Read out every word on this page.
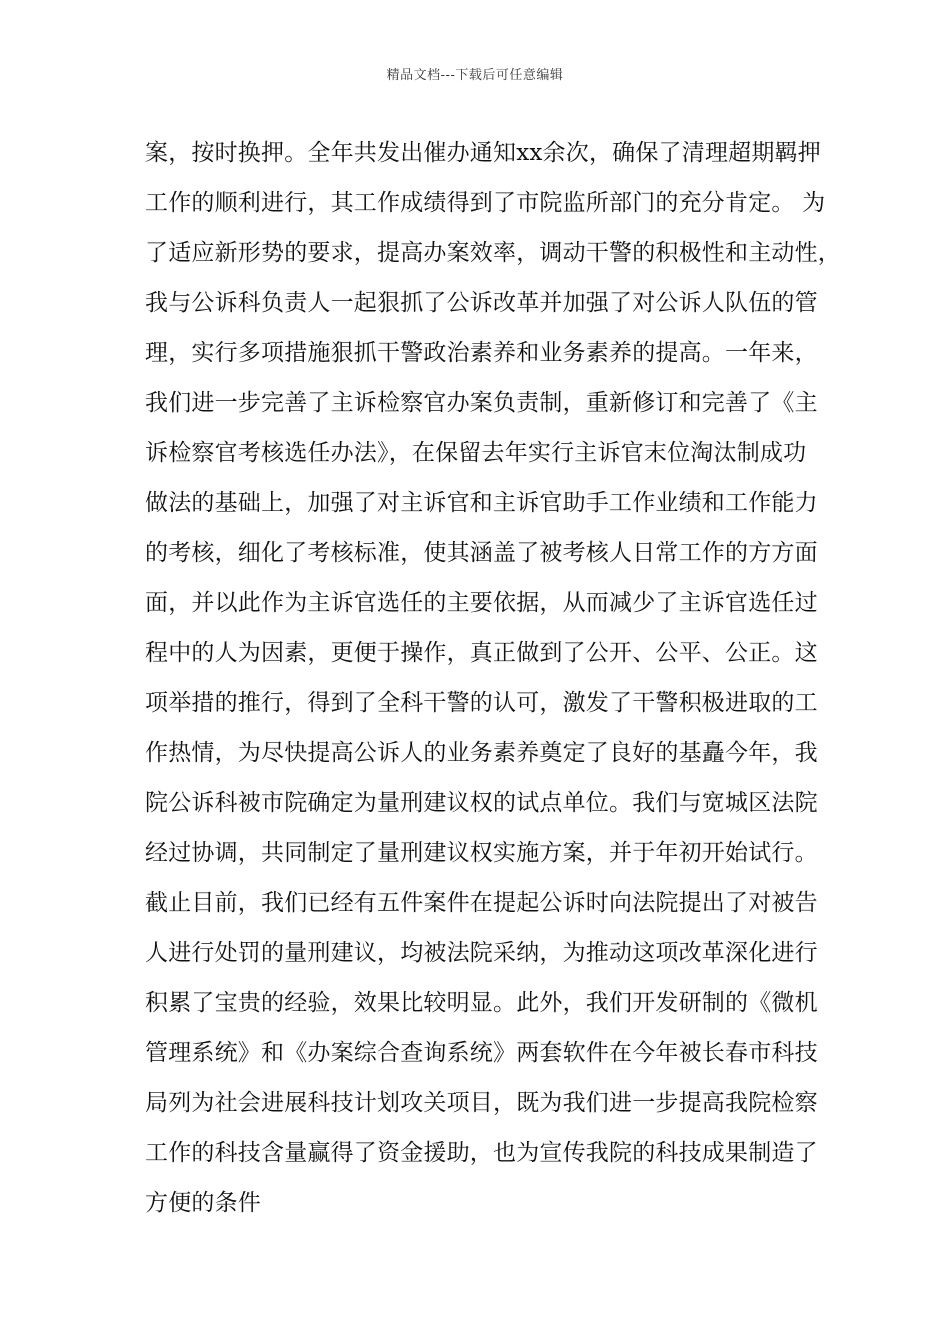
精品文档---下载后可任意编辑
案，按时换押。全年共发出催办通知xx余次，确保了清理超期羁押
工作的顺利进行，其工作成绩得到了市院监所部门的充分肯定。 为
了适应新形势的要求，提高办案效率，调动干警的积极性和主动性，
我与公诉科负责人一起狠抓了公诉改革并加强了对公诉人队伍的管
理，实行多项措施狠抓干警政治素养和业务素养的提高。一年来，
我们进一步完善了主诉检察官办案负责制，重新修订和完善了《主
诉检察官考核选任办法》，在保留去年实行主诉官末位淘汰制成功
做法的基础上，加强了对主诉官和主诉官助手工作业绩和工作能力
的考核，细化了考核标准，使其涵盖了被考核人日常工作的方方面
面，并以此作为主诉官选任的主要依据，从而减少了主诉官选任过
程中的人为因素，更便于操作，真正做到了公开、公平、公正。这
项举措的推行，得到了全科干警的认可，激发了干警积极进取的工
作热情，为尽快提高公诉人的业务素养奠定了良好的基矗今年，我
院公诉科被市院确定为量刑建议权的试点单位。我们与宽城区法院
经过协调，共同制定了量刑建议权实施方案，并于年初开始试行。
截止目前，我们已经有五件案件在提起公诉时向法院提出了对被告
人进行处罚的量刑建议，均被法院采纳，为推动这项改革深化进行
积累了宝贵的经验，效果比较明显。此外，我们开发研制的《微机
管理系统》和《办案综合查询系统》两套软件在今年被长春市科技
局列为社会进展科技计划攻关项目，既为我们进一步提高我院检察
工作的科技含量赢得了资金援助，也为宣传我院的科技成果制造了
方便的条件
